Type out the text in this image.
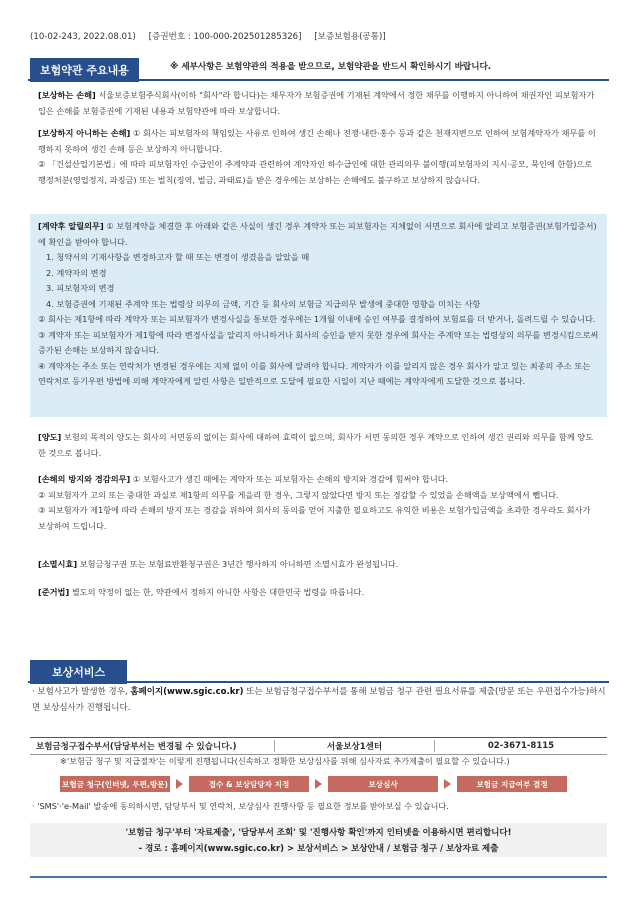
(10-02-243, 2022.08.01) [증권번호 : 100-000-202501285326] [보증보험용(공통)]
보험약관 주요내용	※ 세부사항은 보험약관의 적용을 받으므로, 보험약관을 반드시 확인하시기 바랍니다.
[보상하는 손해] 서울보증보험주식회사(이하 "회사"라 합니다)는 채무자가 보험증권에 기재된 계약에서 정한 채무를 이행하지 아니하여 채권자인 피보험자가 입은 손해를 보험증권에 기재된 내용과 보험약관에 따라 보상합니다.
[보상하지 아니하는 손해] ① 회사는 피보험자의 책임있는 사유로 인하여 생긴 손해나 전쟁·내란·홍수 등과 같은 천재지변으로 인하여 보험계약자가 채무를 이행하지 못하여 생긴 손해 등은 보상하지 아니합니다.
② 「건설산업기본법」에 따라 피보험자인 수급인이 주계약과 관련하여 계약자인 하수급인에 대한 관리의무 불이행(피보험자의 지시·공모, 묵인에 한함)으로 행정처분(영업정지, 과징금) 또는 벌칙(징역, 벌금, 과태료)을 받은 경우에는 보상하는 손해에도 불구하고 보상하지 않습니다.
[계약후 알릴의무] ① 보험계약을 체결한 후 아래와 같은 사실이 생긴 경우 계약자 또는 피보험자는 지체없이 서면으로 회사에 알리고 보험증권(보험가입증서)에 확인을 받아야 합니다.
1. 청약서의 기재사항을 변경하고자 할 때 또는 변경이 생겼음을 알았을 때
2. 계약자의 변경
3. 피보험자의 변경
4. 보험증권에 기재된 주계약 또는 법령상 의무의 금액, 기간 등 회사의 보험금 지급의무 발생에 중대한 영향을 미치는 사항
② 회사는 제1항에 따라 계약자 또는 피보험자가 변경사실을 통보한 경우에는 1개월 이내에 승인 여부를 결정하여 보험료를 더 받거나, 돌려드릴 수 있습니다.
③ 계약자 또는 피보험자가 제1항에 따라 변경사실을 알리지 아니하거나 회사의 승인을 받지 못한 경우에 회사는 주계약 또는 법령상의 의무를 변경시킴으로써 증가된 손해는 보상하지 않습니다.
④ 계약자는 주소 또는 연락처가 변경된 경우에는 지체 없이 이를 회사에 알려야 합니다. 계약자가 이를 알리지 않은 경우 회사가 알고 있는 최종의 주소 또는 연락처로 등기우편 방법에 의해 계약자에게 알린 사항은 일반적으로 도달에 필요한 시일이 지난 때에는 계약자에게 도달한 것으로 봅니다.
[양도] 보험의 목적의 양도는 회사의 서면동의 없이는 회사에 대하여 효력이 없으며, 회사가 서면 동의한 경우 계약으로 인하여 생긴 권리와 의무를 함께 양도한 것으로 봅니다.
[손해의 방지와 경감의무] ① 보험사고가 생긴 때에는 계약자 또는 피보험자는 손해의 방지와 경감에 힘써야 합니다.
② 피보험자가 고의 또는 중대한 과실로 제1항의 의무를 게을리 한 경우, 그렇지 않았다면 방지 또는 경감할 수 있었을 손해액을 보상액에서 뺍니다.
③ 피보험자가 제1항에 따라 손해의 방지 또는 경감을 위하여 회사의 동의를 얻어 지출한 필요하고도 유익한 비용은 보험가입금액을 초과한 경우라도 회사가 보상하여 드립니다.
[소멸시효] 보험금청구권 또는 보험료반환청구권은 3년간 행사하지 아니하면 소멸시효가 완성됩니다.
[준거법] 별도의 약정이 없는 한, 약관에서 정하지 아니한 사항은 대한민국 법령을 따릅니다.
보상서비스
· 보험사고가 발생한 경우, 홈페이지(www.sgic.co.kr) 또는 보험금청구접수부서를 통해 보험금 청구 관련 필요서류를 제출(방문 또는 우편접수가능)하시면 보상심사가 진행됩니다.
보험금청구접수부서(담당부서는 변경될 수 있습니다.)	서울보상1센터	02-3671-8115
※'보험금 청구 및 지급절차'는 이렇게 진행됩니다(신속하고 정확한 보상심사를 위해 심사자료 추가제출이 필요할 수 있습니다.)
보험금 청구(인터넷, 우편,방문)	접수 & 보상담당자 지정	보상심사	보험금 지급여부 결정
· 'SMS'·'e-Mail' 발송에 동의하시면, 담당부서 및 연락처, 보상심사 진행사항 등 필요한 정보를 받아보실 수 있습니다.
'보험금 청구'부터 '자료제출', '담당부서 조회' 및 '진행사항 확인'까지 인터넷을 이용하시면 편리합니다!
- 경로 : 홈페이지(www.sgic.co.kr) > 보상서비스 > 보상안내 / 보험금 청구 / 보상자료 제출
